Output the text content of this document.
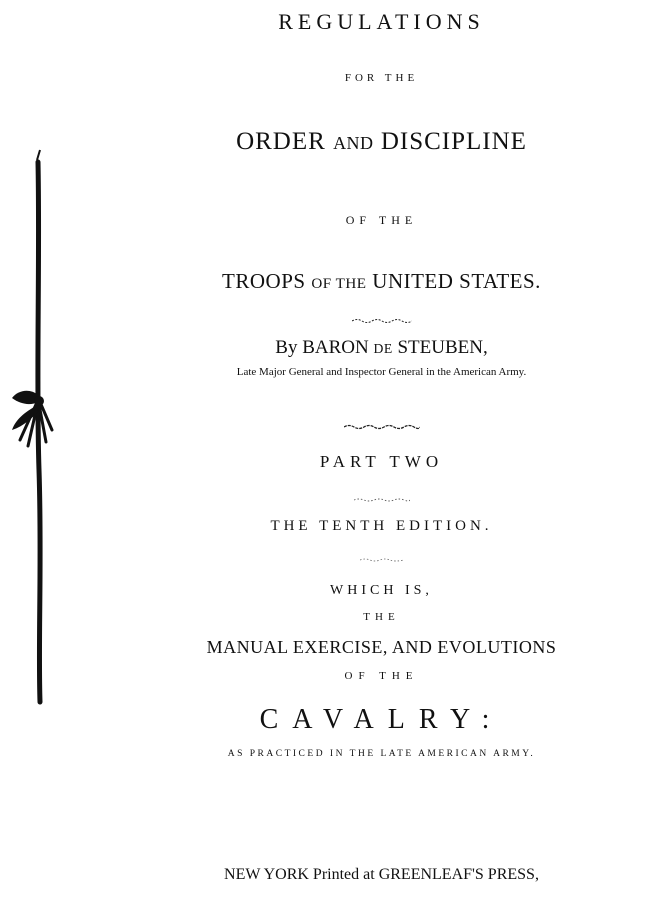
REGULATIONS
FOR THE
ORDER AND DISCIPLINE
OF THE
TROOPS OF THE UNITED STATES.
By BARON DE STEUBEN,
Late Major General and Inspector General in the American Army.
PART TWO
THE TENTH EDITION.
WHICH IS,
THE
MANUAL EXERCISE, AND EVOLUTIONS
OF THE
CAVALRY:
AS PRACTICED IN THE LATE AMERICAN ARMY.
NEW YORK Printed at GREENLEAF'S PRESS,
